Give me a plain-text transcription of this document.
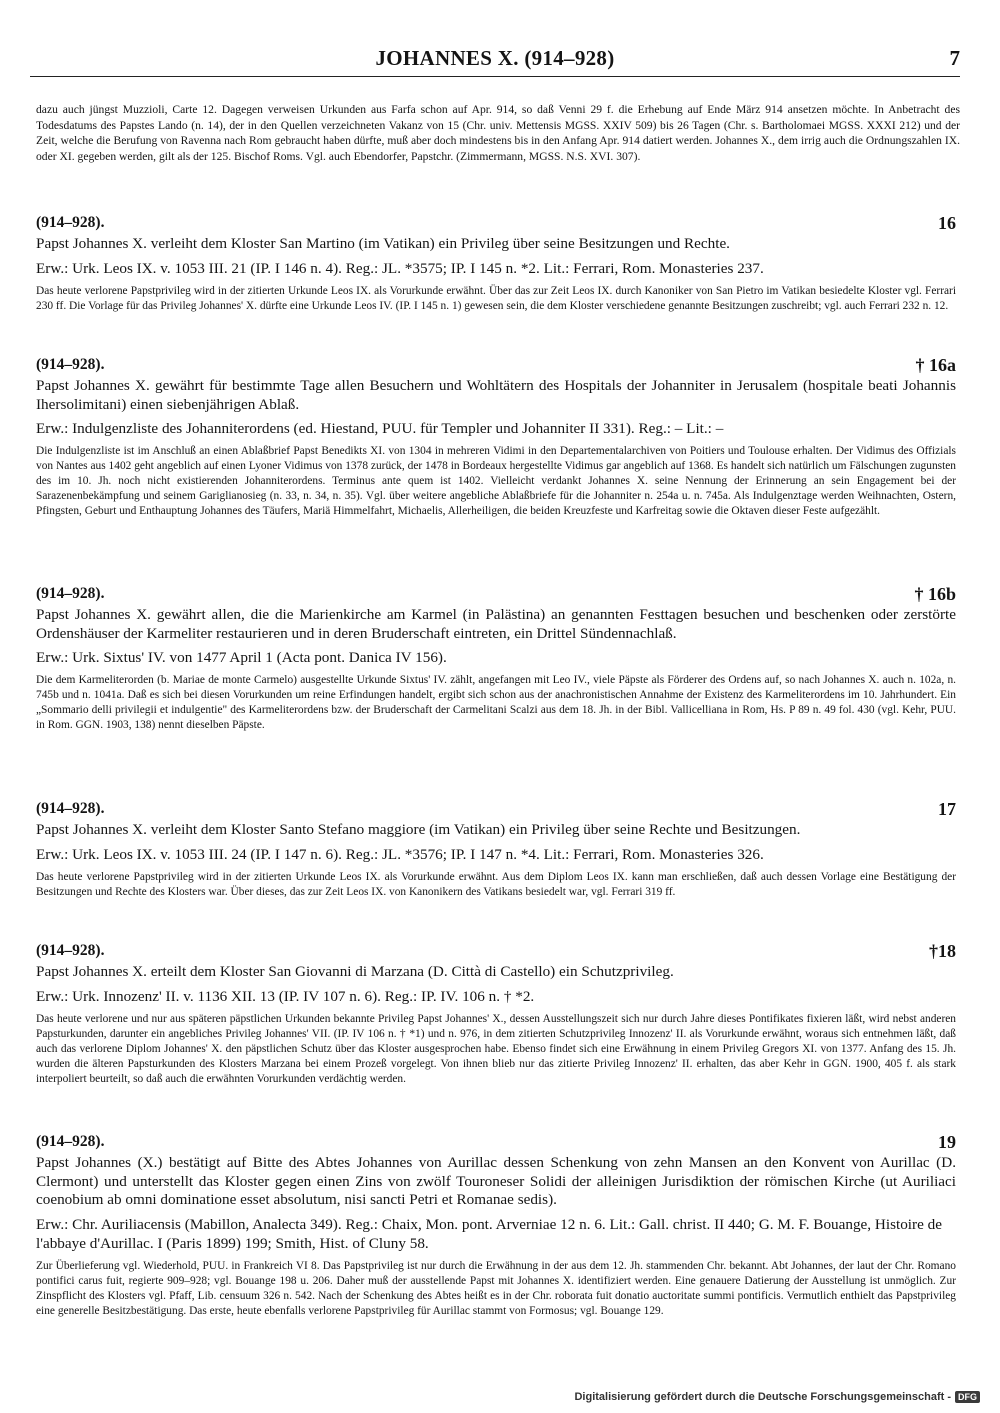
JOHANNES X. (914–928)	7
dazu auch jüngst Muzzioli, Carte 12. Dagegen verweisen Urkunden aus Farfa schon auf Apr. 914, so daß Venni 29 f. die Erhebung auf Ende März 914 ansetzen möchte. In Anbetracht des Todesdatums des Papstes Lando (n. 14), der in den Quellen verzeichneten Vakanz von 15 (Chr. univ. Mettensis MGSS. XXIV 509) bis 26 Tagen (Chr. s. Bartholomaei MGSS. XXXI 212) und der Zeit, welche die Berufung von Ravenna nach Rom gebraucht haben dürfte, muß aber doch mindestens bis in den Anfang Apr. 914 datiert werden. Johannes X., dem irrig auch die Ordnungszahlen IX. oder XI. gegeben werden, gilt als der 125. Bischof Roms. Vgl. auch Ebendorfer, Papstchr. (Zimmermann, MGSS. N.S. XVI. 307).
(914–928).	16
Papst Johannes X. verleiht dem Kloster San Martino (im Vatikan) ein Privileg über seine Besitzungen und Rechte.
Erw.: Urk. Leos IX. v. 1053 III. 21 (IP. I 146 n. 4). Reg.: JL. *3575; IP. I 145 n. *2. Lit.: Ferrari, Rom. Monasteries 237.
Das heute verlorene Papstprivileg wird in der zitierten Urkunde Leos IX. als Vorurkunde erwähnt. Über das zur Zeit Leos IX. durch Kanoniker von San Pietro im Vatikan besiedelte Kloster vgl. Ferrari 230 ff. Die Vorlage für das Privileg Johannes' X. dürfte eine Urkunde Leos IV. (IP. I 145 n. 1) gewesen sein, die dem Kloster verschiedene genannte Besitzungen zuschreibt; vgl. auch Ferrari 232 n. 12.
(914–928).	† 16a
Papst Johannes X. gewährt für bestimmte Tage allen Besuchern und Wohltätern des Hospitals der Johanniter in Jerusalem (hospitale beati Johannis Ihersolimitani) einen siebenjährigen Ablaß.
Erw.: Indulgenzliste des Johanniterordens (ed. Hiestand, PUU. für Templer und Johanniter II 331). Reg.: – Lit.: –
Die Indulgenzliste ist im Anschluß an einen Ablaßbrief Papst Benedikts XI. von 1304 in mehreren Vidimi in den Departementalarchiven von Poitiers und Toulouse erhalten. Der Vidimus des Offizials von Nantes aus 1402 geht angeblich auf einen Lyoner Vidimus von 1378 zurück, der 1478 in Bordeaux hergestellte Vidimus gar angeblich auf 1368. Es handelt sich natürlich um Fälschungen zugunsten des im 10. Jh. noch nicht existierenden Johanniterordens. Terminus ante quem ist 1402. Vielleicht verdankt Johannes X. seine Nennung der Erinnerung an sein Engagement bei der Sarazenenbekämpfung und seinem Gariglianosieg (n. 33, n. 34, n. 35). Vgl. über weitere angebliche Ablaßbriefe für die Johanniter n. 254a u. n. 745a. Als Indulgenztage werden Weihnachten, Ostern, Pfingsten, Geburt und Enthauptung Johannes des Täufers, Mariä Himmelfahrt, Michaelis, Allerheiligen, die beiden Kreuzfeste und Karfreitag sowie die Oktaven dieser Feste aufgezählt.
(914–928).	† 16b
Papst Johannes X. gewährt allen, die die Marienkirche am Karmel (in Palästina) an genannten Festtagen besuchen und beschenken oder zerstörte Ordenshäuser der Karmeliter restaurieren und in deren Bruderschaft eintreten, ein Drittel Sündennachlaß.
Erw.: Urk. Sixtus' IV. von 1477 April 1 (Acta pont. Danica IV 156).
Die dem Karmeliterorden (b. Mariae de monte Carmelo) ausgestellte Urkunde Sixtus' IV. zählt, angefangen mit Leo IV., viele Päpste als Förderer des Ordens auf, so nach Johannes X. auch n. 102a, n. 745b und n. 1041a. Daß es sich bei diesen Vorurkunden um reine Erfindungen handelt, ergibt sich schon aus der anachronistischen Annahme der Existenz des Karmeliterordens im 10. Jahrhundert. Ein „Sommario delli privilegii et indulgentie" des Karmeliterordens bzw. der Bruderschaft der Carmelitani Scalzi aus dem 18. Jh. in der Bibl. Vallicelliana in Rom, Hs. P 89 n. 49 fol. 430 (vgl. Kehr, PUU. in Rom. GGN. 1903, 138) nennt dieselben Päpste.
(914–928).	17
Papst Johannes X. verleiht dem Kloster Santo Stefano maggiore (im Vatikan) ein Privileg über seine Rechte und Besitzungen.
Erw.: Urk. Leos IX. v. 1053 III. 24 (IP. I 147 n. 6). Reg.: JL. *3576; IP. I 147 n. *4. Lit.: Ferrari, Rom. Monasteries 326.
Das heute verlorene Papstprivileg wird in der zitierten Urkunde Leos IX. als Vorurkunde erwähnt. Aus dem Diplom Leos IX. kann man erschließen, daß auch dessen Vorlage eine Bestätigung der Besitzungen und Rechte des Klosters war. Über dieses, das zur Zeit Leos IX. von Kanonikern des Vatikans besiedelt war, vgl. Ferrari 319 ff.
(914–928).	†18
Papst Johannes X. erteilt dem Kloster San Giovanni di Marzana (D. Città di Castello) ein Schutzprivileg.
Erw.: Urk. Innozenz' II. v. 1136 XII. 13 (IP. IV 107 n. 6). Reg.: IP. IV. 106 n. † *2.
Das heute verlorene und nur aus späteren päpstlichen Urkunden bekannte Privileg Papst Johannes' X., dessen Ausstellungszeit sich nur durch Jahre dieses Pontifikates fixieren läßt, wird nebst anderen Papsturkunden, darunter ein angebliches Privileg Johannes' VII. (IP. IV 106 n. † *1) und n. 976, in dem zitierten Schutzprivileg Innozenz' II. als Vorurkunde erwähnt, woraus sich entnehmen läßt, daß auch das verlorene Diplom Johannes' X. den päpstlichen Schutz über das Kloster ausgesprochen habe. Ebenso findet sich eine Erwähnung in einem Privileg Gregors XI. von 1377. Anfang des 15. Jh. wurden die älteren Papsturkunden des Klosters Marzana bei einem Prozeß vorgelegt. Von ihnen blieb nur das zitierte Privileg Innozenz' II. erhalten, das aber Kehr in GGN. 1900, 405 f. als stark interpoliert beurteilt, so daß auch die erwähnten Vorurkunden verdächtig werden.
(914–928).	19
Papst Johannes (X.) bestätigt auf Bitte des Abtes Johannes von Aurillac dessen Schenkung von zehn Mansen an den Konvent von Aurillac (D. Clermont) und unterstellt das Kloster gegen einen Zins von zwölf Touroneser Solidi der alleinigen Jurisdiktion der römischen Kirche (ut Auriliaci coenobium ab omni dominatione esset absolutum, nisi sancti Petri et Romanae sedis).
Erw.: Chr. Auriliacensis (Mabillon, Analecta 349). Reg.: Chaix, Mon. pont. Arverniae 12 n. 6. Lit.: Gall. christ. II 440; G. M. F. Bouange, Histoire de l'abbaye d'Aurillac. I (Paris 1899) 199; Smith, Hist. of Cluny 58.
Zur Überlieferung vgl. Wiederhold, PUU. in Frankreich VI 8. Das Papstprivileg ist nur durch die Erwähnung in der aus dem 12. Jh. stammenden Chr. bekannt. Abt Johannes, der laut der Chr. Romano pontifici carus fuit, regierte 909–928; vgl. Bouange 198 u. 206. Daher muß der ausstellende Papst mit Johannes X. identifiziert werden. Eine genauere Datierung der Ausstellung ist unmöglich. Zur Zinspflicht des Klosters vgl. Pfaff, Lib. censuum 326 n. 542. Nach der Schenkung des Abtes heißt es in der Chr. roborata fuit donatio auctoritate summi pontificis. Vermutlich enthielt das Papstprivileg eine generelle Besitzbestätigung. Das erste, heute ebenfalls verlorene Papstprivileg für Aurillac stammt von Formosus; vgl. Bouange 129.
Digitalisierung gefördert durch die Deutsche Forschungsgemeinschaft - DFG
